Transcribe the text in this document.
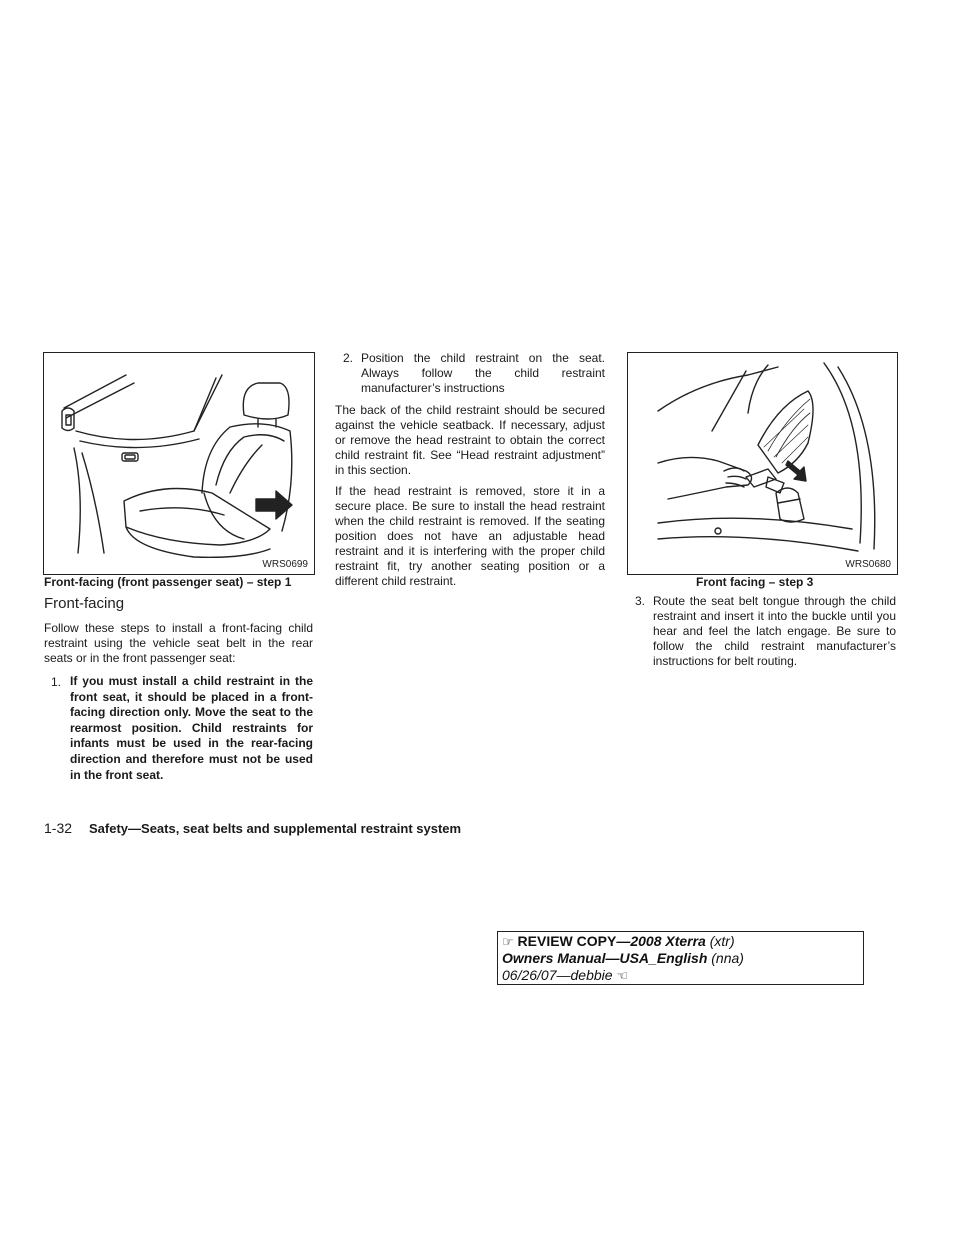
WRS0699
Front-facing (front passenger seat) – step 1
Front-facing

Follow these steps to install a front-facing child restraint using the vehicle seat belt in the rear seats or in the front passenger seat:

1. If you must install a child restraint in the front seat, it should be placed in a front-facing direction only. Move the seat to the rearmost position. Child restraints for infants must be used in the rear-facing direction and therefore must not be used in the front seat.

2. Position the child restraint on the seat. Always follow the child restraint manufacturer’s instructions

The back of the child restraint should be secured against the vehicle seatback. If necessary, adjust or remove the head restraint to obtain the correct child restraint fit. See “Head restraint adjustment” in this section.

If the head restraint is removed, store it in a secure place. Be sure to install the head restraint when the child restraint is removed. If the seating position does not have an adjustable head restraint and it is interfering with the proper child restraint fit, try another seating position or a different child restraint.

WRS0680
Front facing – step 3
3. Route the seat belt tongue through the child restraint and insert it into the buckle until you hear and feel the latch engage. Be sure to follow the child restraint manufacturer’s instructions for belt routing.

1-32 Safety—Seats, seat belts and supplemental restraint system
☞ REVIEW COPY—2008 Xterra (xtr)
Owners Manual—USA_English (nna)
06/26/07—debbie ☜
